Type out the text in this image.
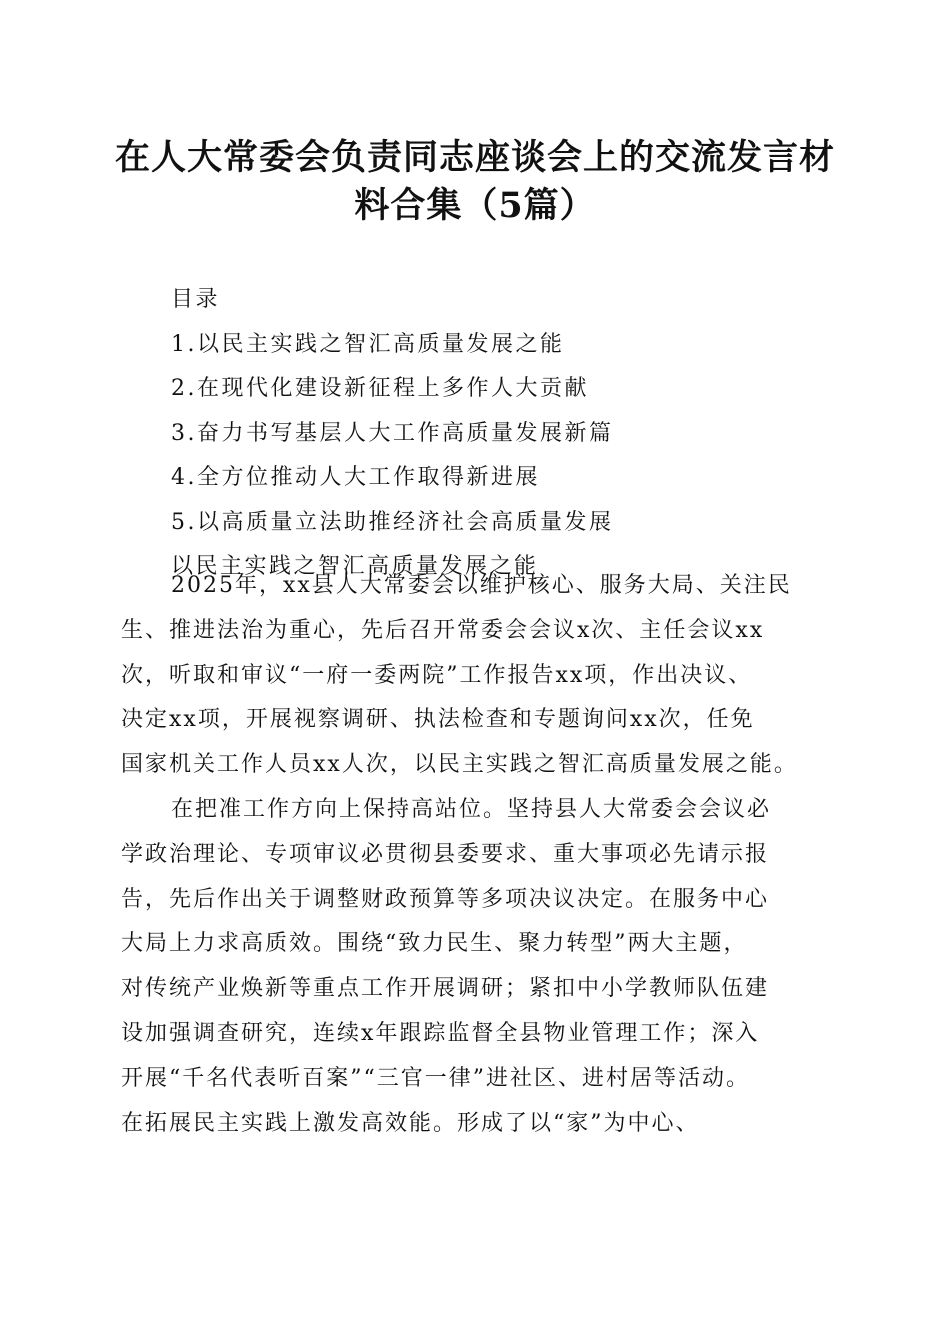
在人大常委会负责同志座谈会上的交流发言材
料合集（5篇）
目录
1.以民主实践之智汇高质量发展之能
2.在现代化建设新征程上多作人大贡献
3.奋力书写基层人大工作高质量发展新篇
4.全方位推动人大工作取得新进展
5.以高质量立法助推经济社会高质量发展
以民主实践之智汇高质量发展之能
2025年，xx县人大常委会以维护核心、服务大局、关注民
生、推进法治为重心，先后召开常委会会议x次、主任会议xx
次，听取和审议“一府一委两院”工作报告xx项，作出决议、
决定xx项，开展视察调研、执法检查和专题询问xx次，任免
国家机关工作人员xx人次，以民主实践之智汇高质量发展之能。
在把准工作方向上保持高站位。坚持县人大常委会会议必
学政治理论、专项审议必贯彻县委要求、重大事项必先请示报
告，先后作出关于调整财政预算等多项决议决定。在服务中心
大局上力求高质效。围绕“致力民生、聚力转型”两大主题，
对传统产业焕新等重点工作开展调研；紧扣中小学教师队伍建
设加强调查研究，连续x年跟踪监督全县物业管理工作；深入
开展“千名代表听百案”“三官一律”进社区、进村居等活动。
在拓展民主实践上激发高效能。形成了以“家”为中心、
